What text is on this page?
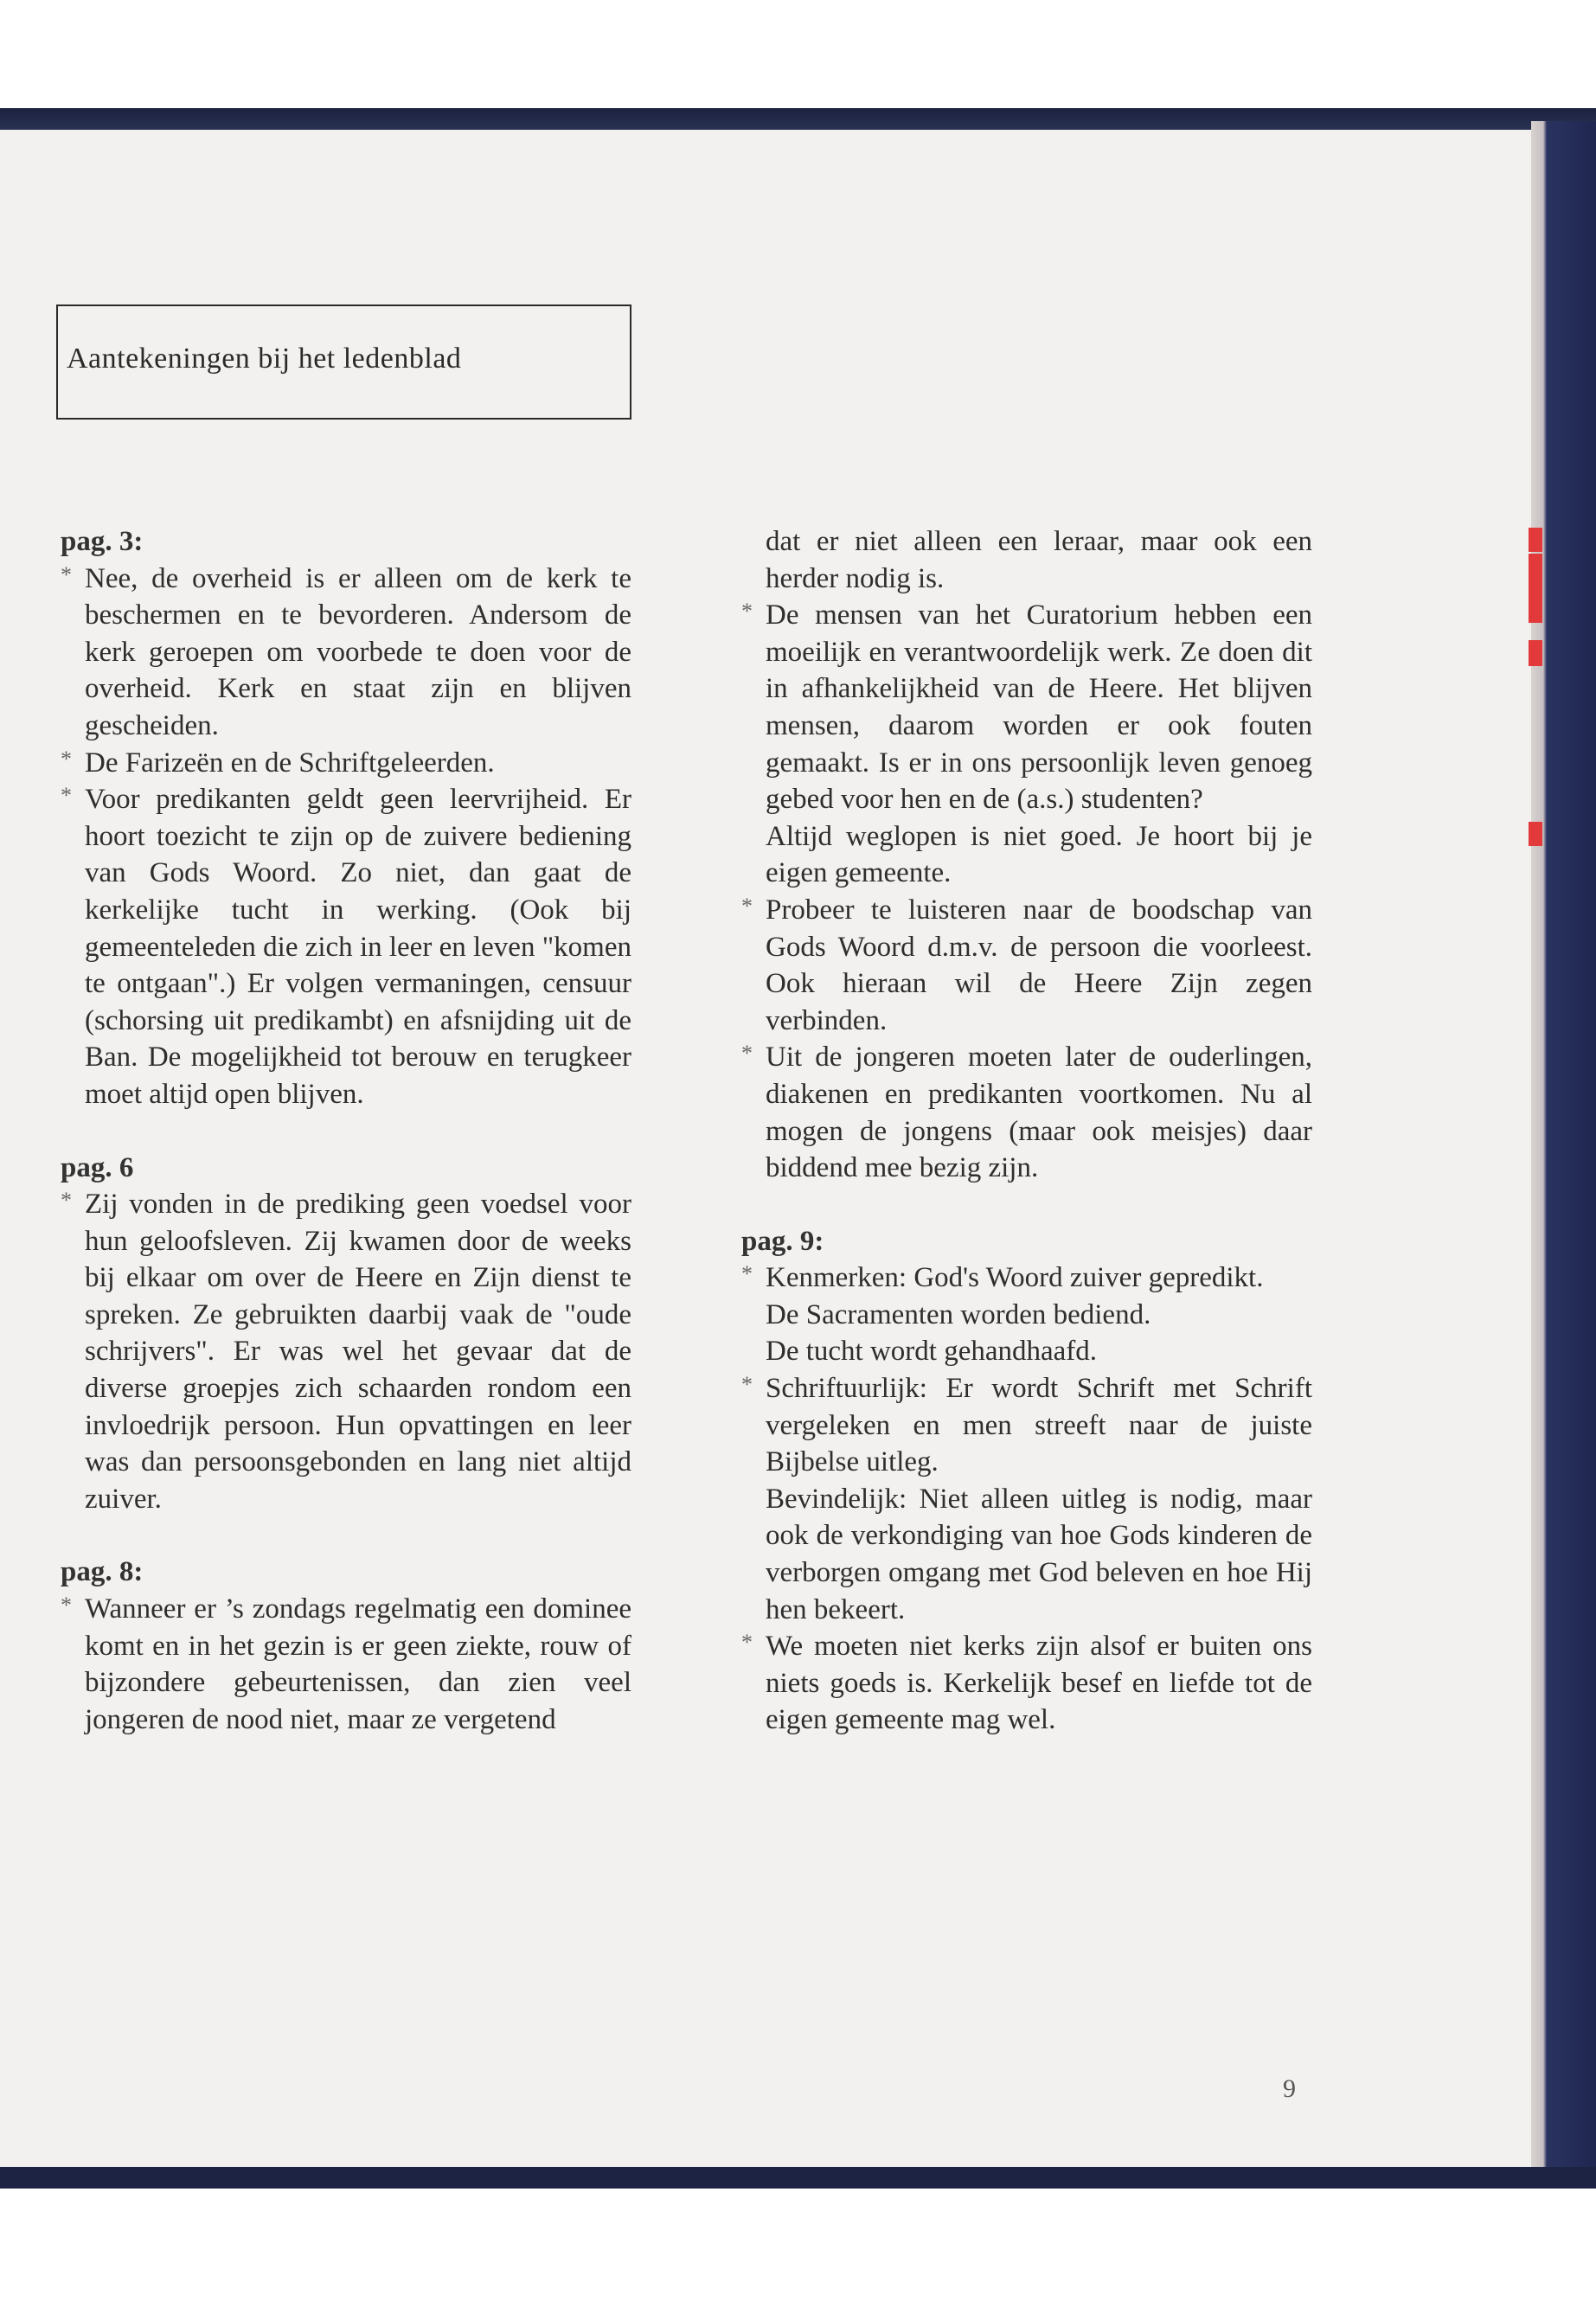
Aantekeningen bij het ledenblad

pag. 3:

* Nee, de overheid is er alleen om de kerk te beschermen en te bevorderen. Andersom de kerk geroepen om voorbede te doen voor de overheid. Kerk en staat zijn en blijven gescheiden.

* De Farizeën en de Schriftgeleerden.

* Voor predikanten geldt geen leervrijheid. Er hoort toezicht te zijn op de zuivere bediening van Gods Woord. Zo niet, dan gaat de kerkelijke tucht in werking. (Ook bij gemeenteleden die zich in leer en leven "komen te ontgaan".) Er volgen vermaningen, censuur (schorsing uit predikambt) en afsnijding uit de Ban. De mogelijkheid tot berouw en terugkeer moet altijd open blijven.

pag. 6

* Zij vonden in de prediking geen voedsel voor hun geloofsleven. Zij kwamen door de weeks bij elkaar om over de Heere en Zijn dienst te spreken. Ze gebruikten daarbij vaak de "oude schrijvers". Er was wel het gevaar dat de diverse groepjes zich schaarden rondom een invloedrijk persoon. Hun opvattingen en leer was dan persoonsgebonden en lang niet altijd zuiver.

pag. 8:

* Wanneer er ’s zondags regelmatig een dominee komt en in het gezin is er geen ziekte, rouw of bijzondere gebeurtenissen, dan zien veel jongeren de nood niet, maar ze vergetend

dat er niet alleen een leraar, maar ook een herder nodig is.

* De mensen van het Curatorium hebben een moeilijk en verantwoordelijk werk. Ze doen dit in afhankelijkheid van de Heere. Het blijven mensen, daarom worden er ook fouten gemaakt. Is er in ons persoonlijk leven genoeg gebed voor hen en de (a.s.) studenten?

Altijd weglopen is niet goed. Je hoort bij je eigen gemeente.

* Probeer te luisteren naar de boodschap van Gods Woord d.m.v. de persoon die voorleest. Ook hieraan wil de Heere Zijn zegen verbinden.

* Uit de jongeren moeten later de ouderlingen, diakenen en predikanten voortkomen. Nu al mogen de jongens (maar ook meisjes) daar biddend mee bezig zijn.

pag. 9:

* Kenmerken: God's Woord zuiver gepredikt.

De Sacramenten worden bediend.

De tucht wordt gehandhaafd.

* Schriftuurlijk: Er wordt Schrift met Schrift vergeleken en men streeft naar de juiste Bijbelse uitleg.

Bevindelijk: Niet alleen uitleg is nodig, maar ook de verkondiging van hoe Gods kinderen de verborgen omgang met God beleven en hoe Hij hen bekeert.

* We moeten niet kerks zijn alsof er buiten ons niets goeds is. Kerkelijk besef en liefde tot de eigen gemeente mag wel.

9
